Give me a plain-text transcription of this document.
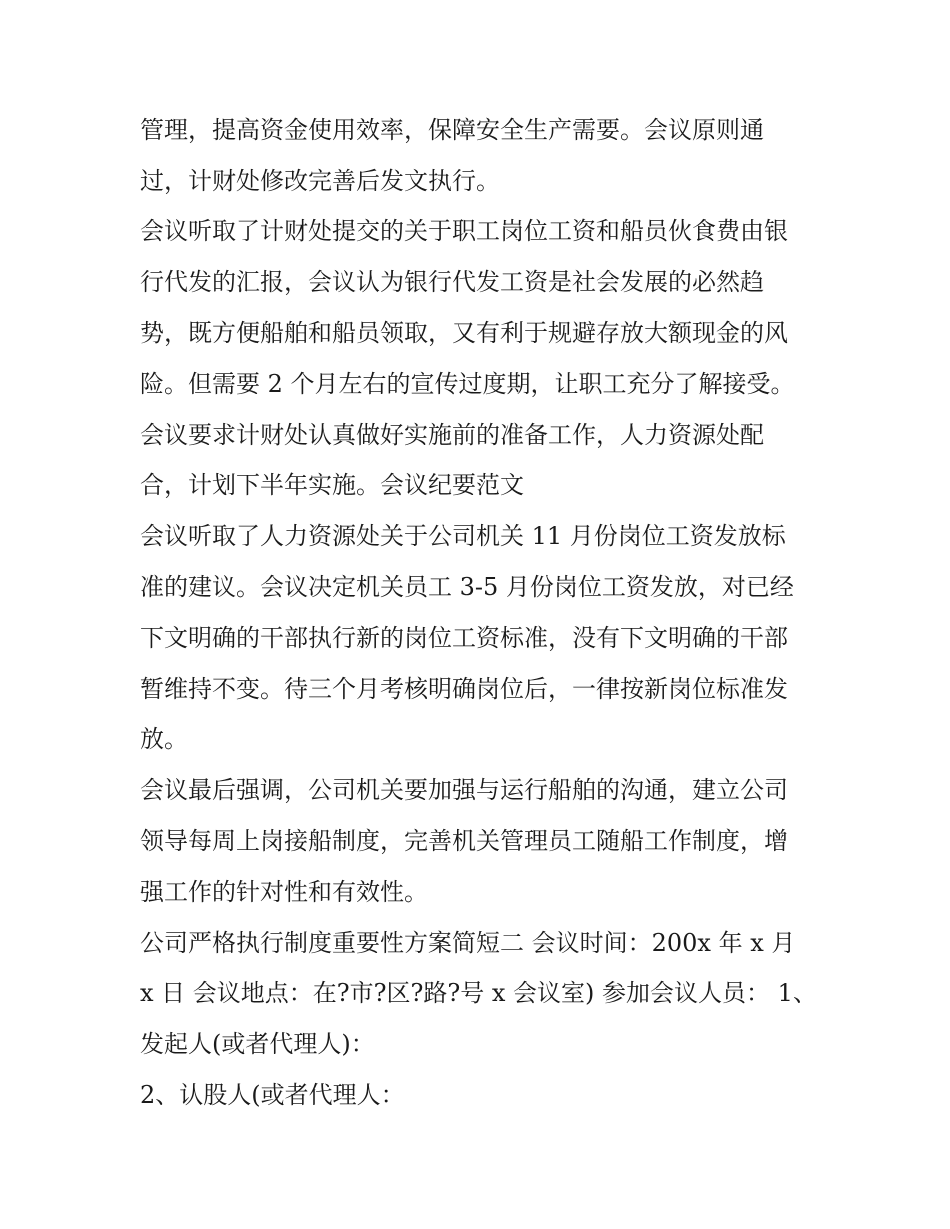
管理，提高资金使用效率，保障安全生产需要。会议原则通
过，计财处修改完善后发文执行。
会议听取了计财处提交的关于职工岗位工资和船员伙食费由银
行代发的汇报，会议认为银行代发工资是社会发展的必然趋
势，既方便船舶和船员领取，又有利于规避存放大额现金的风
险。但需要 2 个月左右的宣传过度期，让职工充分了解接受。
会议要求计财处认真做好实施前的准备工作，人力资源处配
合，计划下半年实施。会议纪要范文
会议听取了人力资源处关于公司机关 11 月份岗位工资发放标
准的建议。会议决定机关员工 3-5 月份岗位工资发放，对已经
下文明确的干部执行新的岗位工资标准，没有下文明确的干部
暂维持不变。待三个月考核明确岗位后，一律按新岗位标准发
放。
会议最后强调，公司机关要加强与运行船舶的沟通，建立公司
领导每周上岗接船制度，完善机关管理员工随船工作制度，增
强工作的针对性和有效性。
公司严格执行制度重要性方案简短二 会议时间：200x 年 x 月
x 日 会议地点：在?市?区?路?号 x 会议室) 参加会议人员： 1、
发起人(或者代理人)：
2、认股人(或者代理人：
